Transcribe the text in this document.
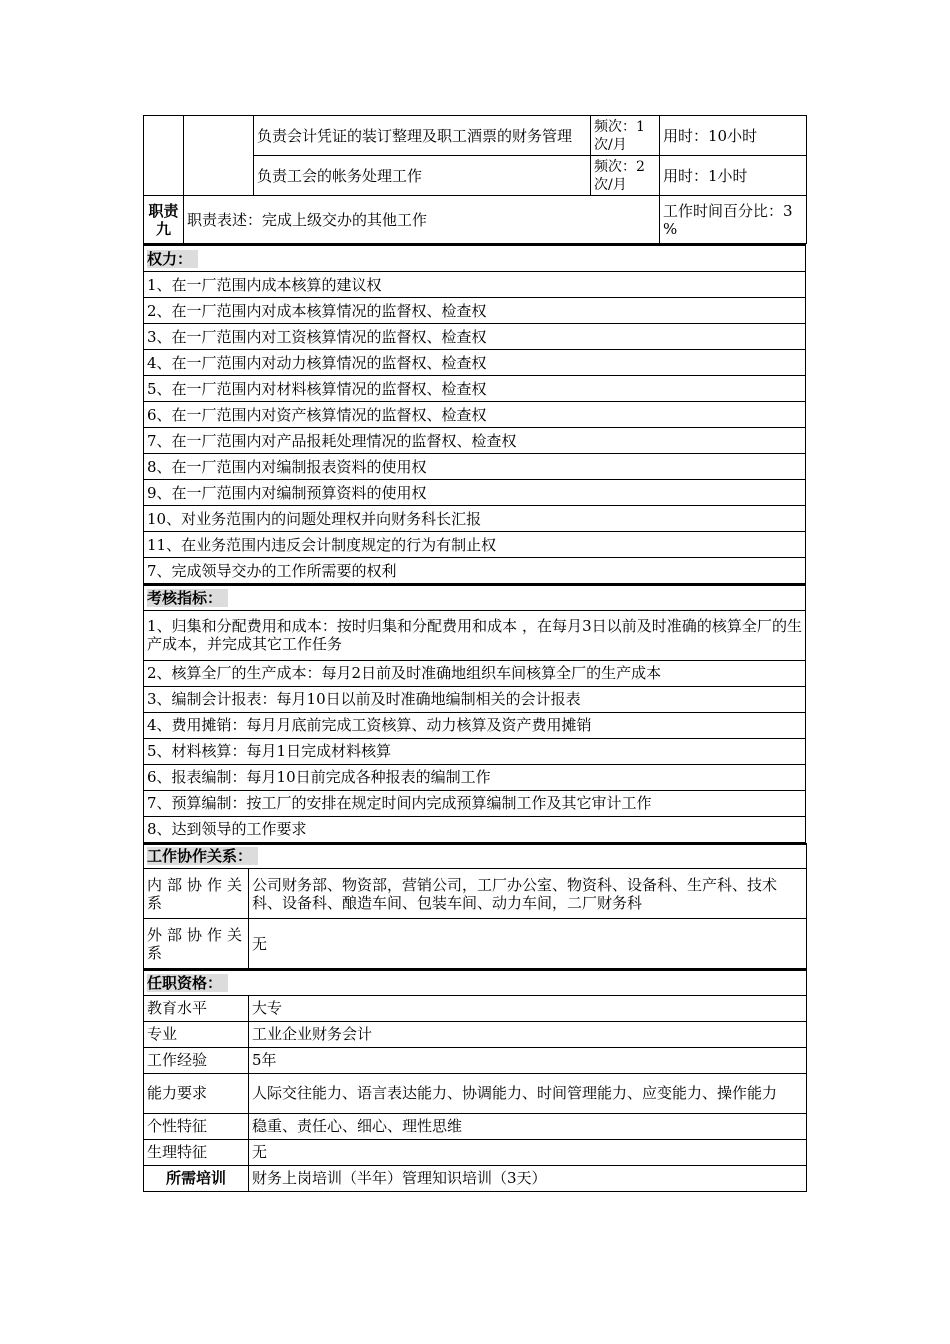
		负责会计凭证的装订整理及职工酒票的财务管理	频次：1次/月	用时：10小时
		负责工会的帐务处理工作	频次：2次/月	用时：1小时
职责九	职责表述：完成上级交办的其他工作			工作时间百分比：3 %
权力：
1、在一厂范围内成本核算的建议权
2、在一厂范围内对成本核算情况的监督权、检查权
3、在一厂范围内对工资核算情况的监督权、检查权
4、在一厂范围内对动力核算情况的监督权、检查权
5、在一厂范围内对材料核算情况的监督权、检查权
6、在一厂范围内对资产核算情况的监督权、检查权
7、在一厂范围内对产品报耗处理情况的监督权、检查权
8、在一厂范围内对编制报表资料的使用权
9、在一厂范围内对编制预算资料的使用权
10、对业务范围内的问题处理权并向财务科长汇报
11、在业务范围内违反会计制度规定的行为有制止权
7、完成领导交办的工作所需要的权利
考核指标：
1、归集和分配费用和成本：按时归集和分配费用和成本 ，在每月3日以前及时准确的核算全厂的生产成本，并完成其它工作任务
2、核算全厂的生产成本：每月2日前及时准确地组织车间核算全厂的生产成本
3、编制会计报表：每月10日以前及时准确地编制相关的会计报表
4、费用摊销：每月月底前完成工资核算、动力核算及资产费用摊销
5、材料核算：每月1日完成材料核算
6、报表编制：每月10日前完成各种报表的编制工作
7、预算编制：按工厂的安排在规定时间内完成预算编制工作及其它审计工作
8、达到领导的工作要求
工作协作关系：	
内部协作关系	公司财务部、物资部，营销公司，工厂办公室、物资科、设备科、生产科、技术科、设备科、酿造车间、包装车间、动力车间，二厂财务科
外部协作关系	无
任职资格：	
教育水平	大专
专业	工业企业财务会计
工作经验	5年
能力要求	人际交往能力、语言表达能力、协调能力、时间管理能力、应变能力、操作能力
个性特征	稳重、责任心、细心、理性思维
生理特征	无
所需培训	财务上岗培训（半年）管理知识培训（3天）
